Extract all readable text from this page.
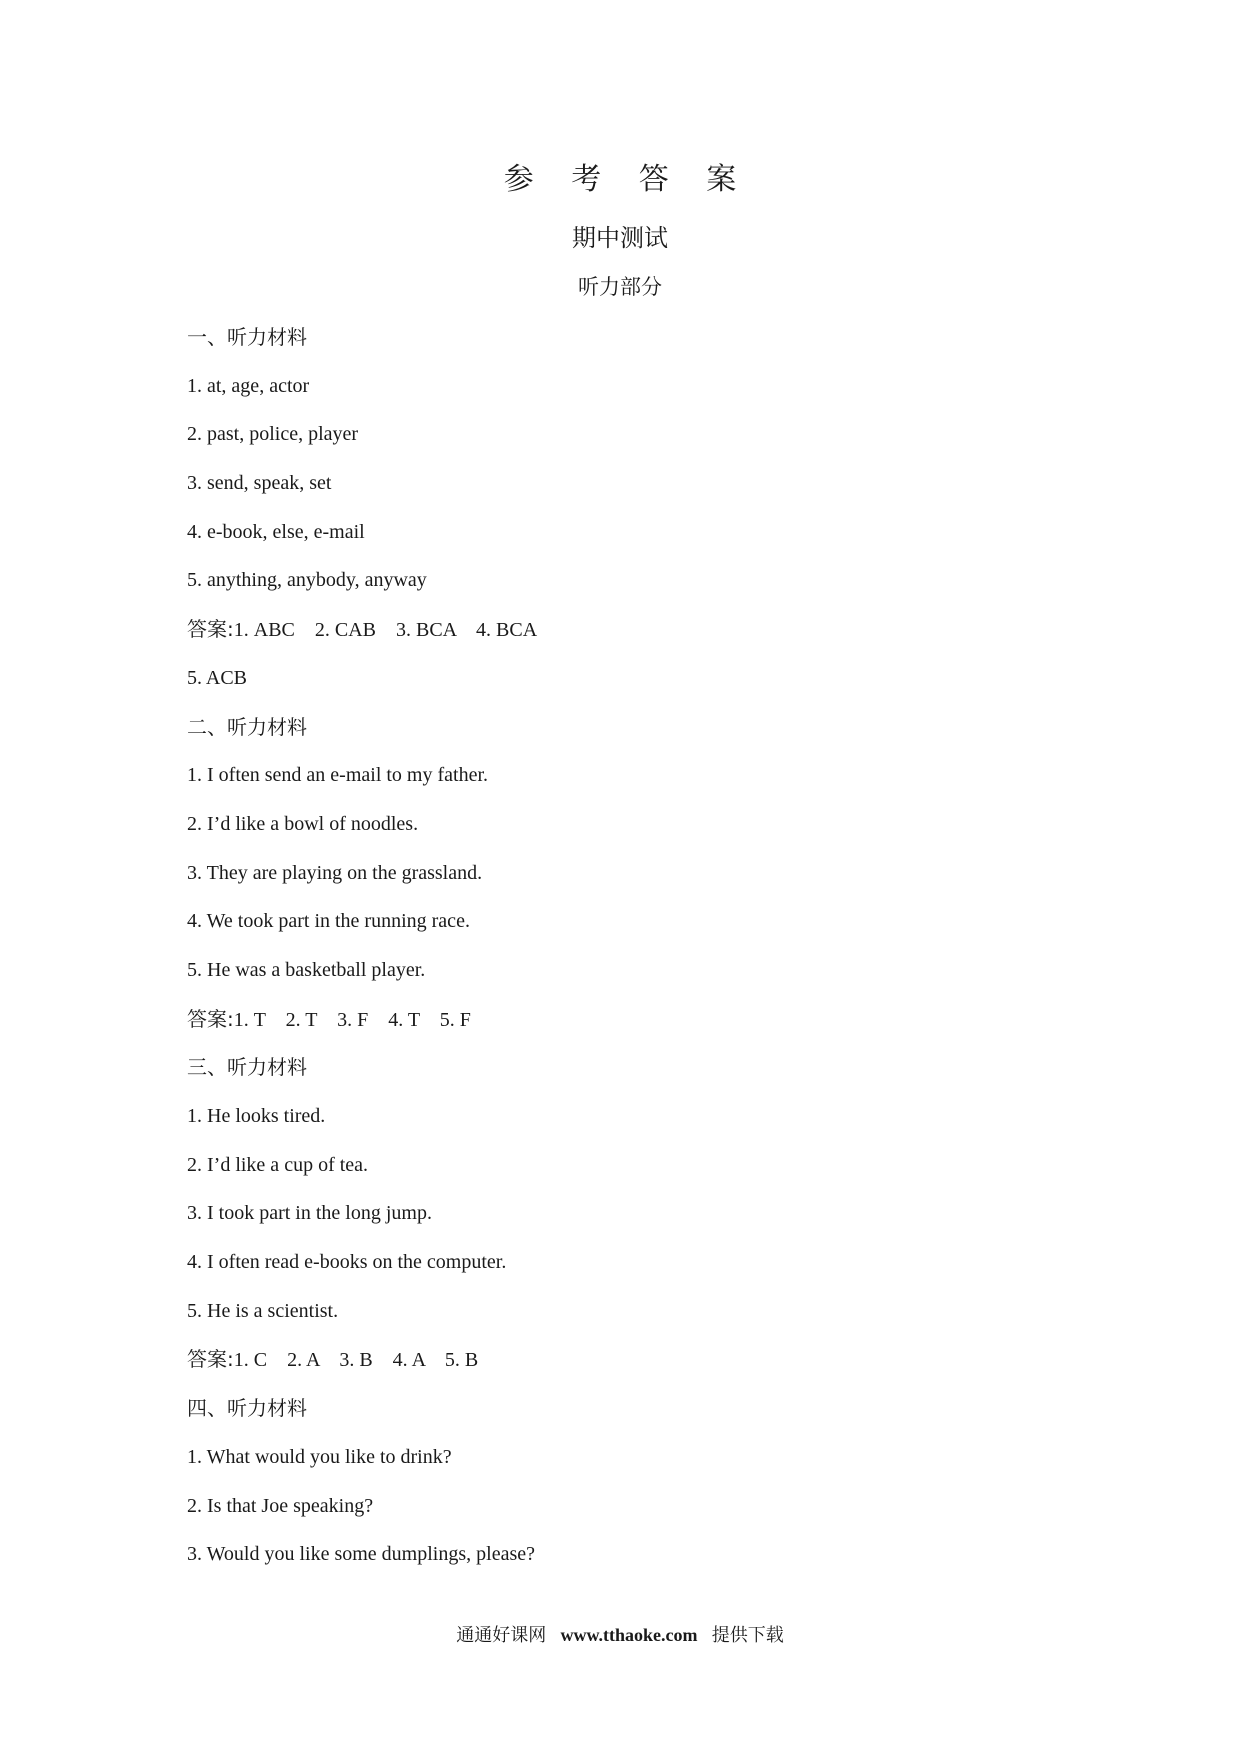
参 考 答 案
期中测试
听力部分
一、听力材料
1. at, age, actor
2. past, police, player
3. send, speak, set
4. e-book, else, e-mail
5. anything, anybody, anyway
答案:1. ABC    2. CAB    3. BCA    4. BCA
5. ACB
二、听力材料
1. I often send an e-mail to my father.
2. I’d like a bowl of noodles.
3. They are playing on the grassland.
4. We took part in the running race.
5. He was a basketball player.
答案:1. T    2. T    3. F    4. T    5. F
三、听力材料
1. He looks tired.
2. I’d like a cup of tea.
3. I took part in the long jump.
4. I often read e-books on the computer.
5. He is a scientist.
答案:1. C    2. A    3. B    4. A    5. B
四、听力材料
1. What would you like to drink?
2. Is that Joe speaking?
3. Would you like some dumplings, please?
通通好课网 www.tthaoke.com 提供下载
